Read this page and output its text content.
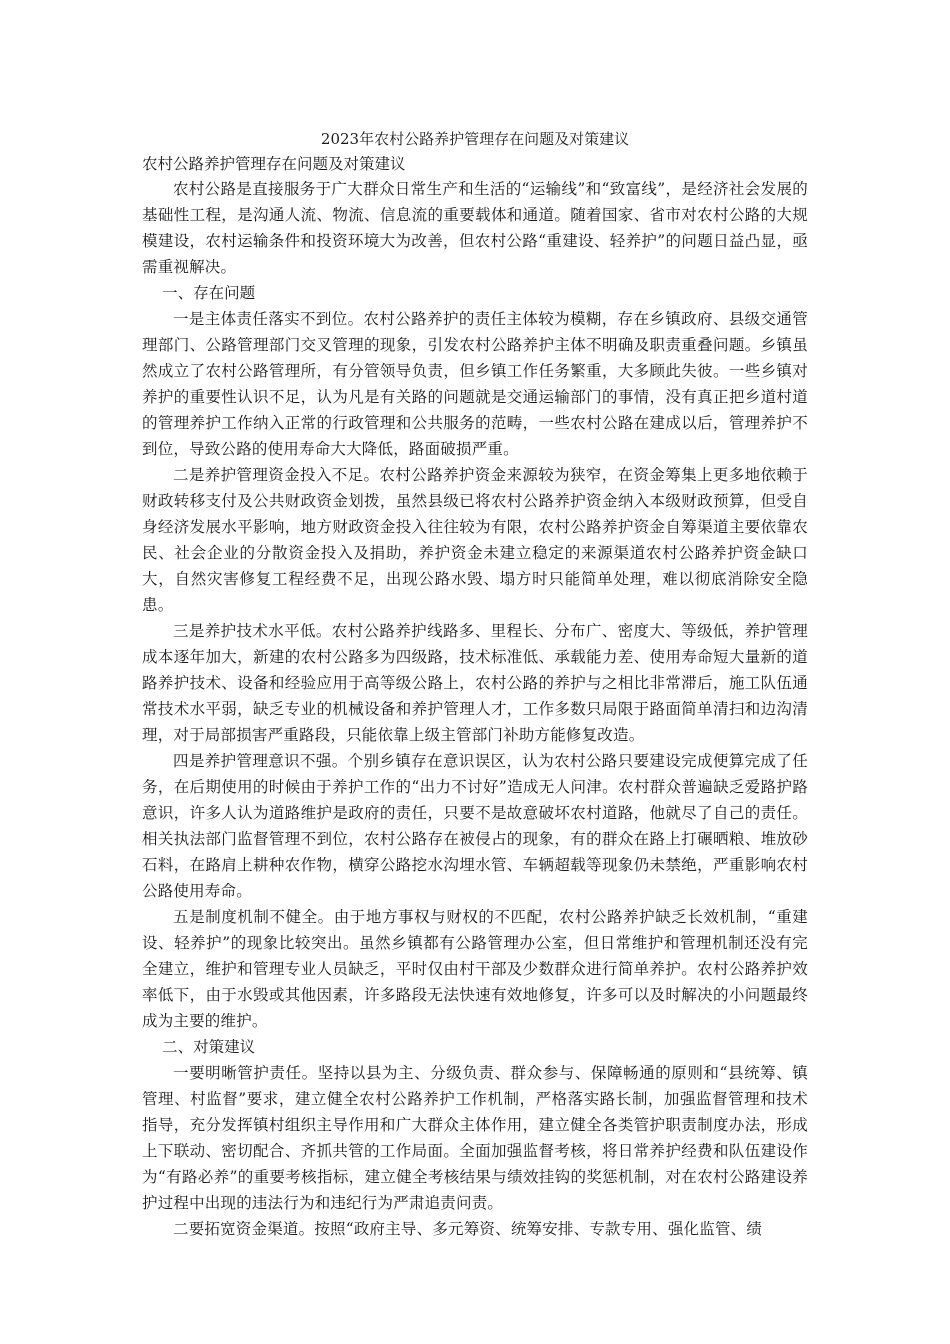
2023年农村公路养护管理存在问题及对策建议

农村公路养护管理存在问题及对策建议

农村公路是直接服务于广大群众日常生产和生活的“运输线”和“致富线”，是经济社会发展的基础性工程，是沟通人流、物流、信息流的重要载体和通道。随着国家、省市对农村公路的大规模建设，农村运输条件和投资环境大为改善，但农村公路“重建设、轻养护”的问题日益凸显，亟需重视解决。

一、存在问题

一是主体责任落实不到位。农村公路养护的责任主体较为模糊，存在乡镇政府、县级交通管理部门、公路管理部门交叉管理的现象，引发农村公路养护主体不明确及职责重叠问题。乡镇虽然成立了农村公路管理所，有分管领导负责，但乡镇工作任务繁重，大多顾此失彼。一些乡镇对养护的重要性认识不足，认为凡是有关路的问题就是交通运输部门的事情，没有真正把乡道村道的管理养护工作纳入正常的行政管理和公共服务的范畴，一些农村公路在建成以后，管理养护不到位，导致公路的使用寿命大大降低，路面破损严重。

二是养护管理资金投入不足。农村公路养护资金来源较为狭窄，在资金筹集上更多地依赖于财政转移支付及公共财政资金划拨，虽然县级已将农村公路养护资金纳入本级财政预算，但受自身经济发展水平影响，地方财政资金投入往往较为有限，农村公路养护资金自筹渠道主要依靠农民、社会企业的分散资金投入及捐助，养护资金未建立稳定的来源渠道农村公路养护资金缺口大，自然灾害修复工程经费不足，出现公路水毁、塌方时只能简单处理，难以彻底消除安全隐患。

三是养护技术水平低。农村公路养护线路多、里程长、分布广、密度大、等级低，养护管理成本逐年加大，新建的农村公路多为四级路，技术标准低、承载能力差、使用寿命短大量新的道路养护技术、设备和经验应用于高等级公路上，农村公路的养护与之相比非常滞后，施工队伍通常技术水平弱，缺乏专业的机械设备和养护管理人才，工作多数只局限于路面简单清扫和边沟清理，对于局部损害严重路段，只能依靠上级主管部门补助方能修复改造。

四是养护管理意识不强。个别乡镇存在意识误区，认为农村公路只要建设完成便算完成了任务，在后期使用的时候由于养护工作的“出力不讨好”造成无人问津。农村群众普遍缺乏爱路护路意识，许多人认为道路维护是政府的责任，只要不是故意破坏农村道路，他就尽了自己的责任。相关执法部门监督管理不到位，农村公路存在被侵占的现象，有的群众在路上打碾晒粮、堆放砂石料，在路肩上耕种农作物，横穿公路挖水沟埋水管、车辆超载等现象仍未禁绝，严重影响农村公路使用寿命。

五是制度机制不健全。由于地方事权与财权的不匹配，农村公路养护缺乏长效机制，“重建设、轻养护”的现象比较突出。虽然乡镇都有公路管理办公室，但日常维护和管理机制还没有完全建立，维护和管理专业人员缺乏，平时仅由村干部及少数群众进行简单养护。农村公路养护效率低下，由于水毁或其他因素，许多路段无法快速有效地修复，许多可以及时解决的小问题最终成为主要的维护。

二、对策建议

一要明晰管护责任。坚持以县为主、分级负责、群众参与、保障畅通的原则和“县统筹、镇管理、村监督”要求，建立健全农村公路养护工作机制，严格落实路长制，加强监督管理和技术指导，充分发挥镇村组织主导作用和广大群众主体作用，建立健全各类管护职责制度办法，形成上下联动、密切配合、齐抓共管的工作局面。全面加强监督考核，将日常养护经费和队伍建设作为“有路必养”的重要考核指标，建立健全考核结果与绩效挂钩的奖惩机制，对在农村公路建设养护过程中出现的违法行为和违纪行为严肃追责问责。

二要拓宽资金渠道。按照“政府主导、多元筹资、统筹安排、专款专用、强化监管、绩
